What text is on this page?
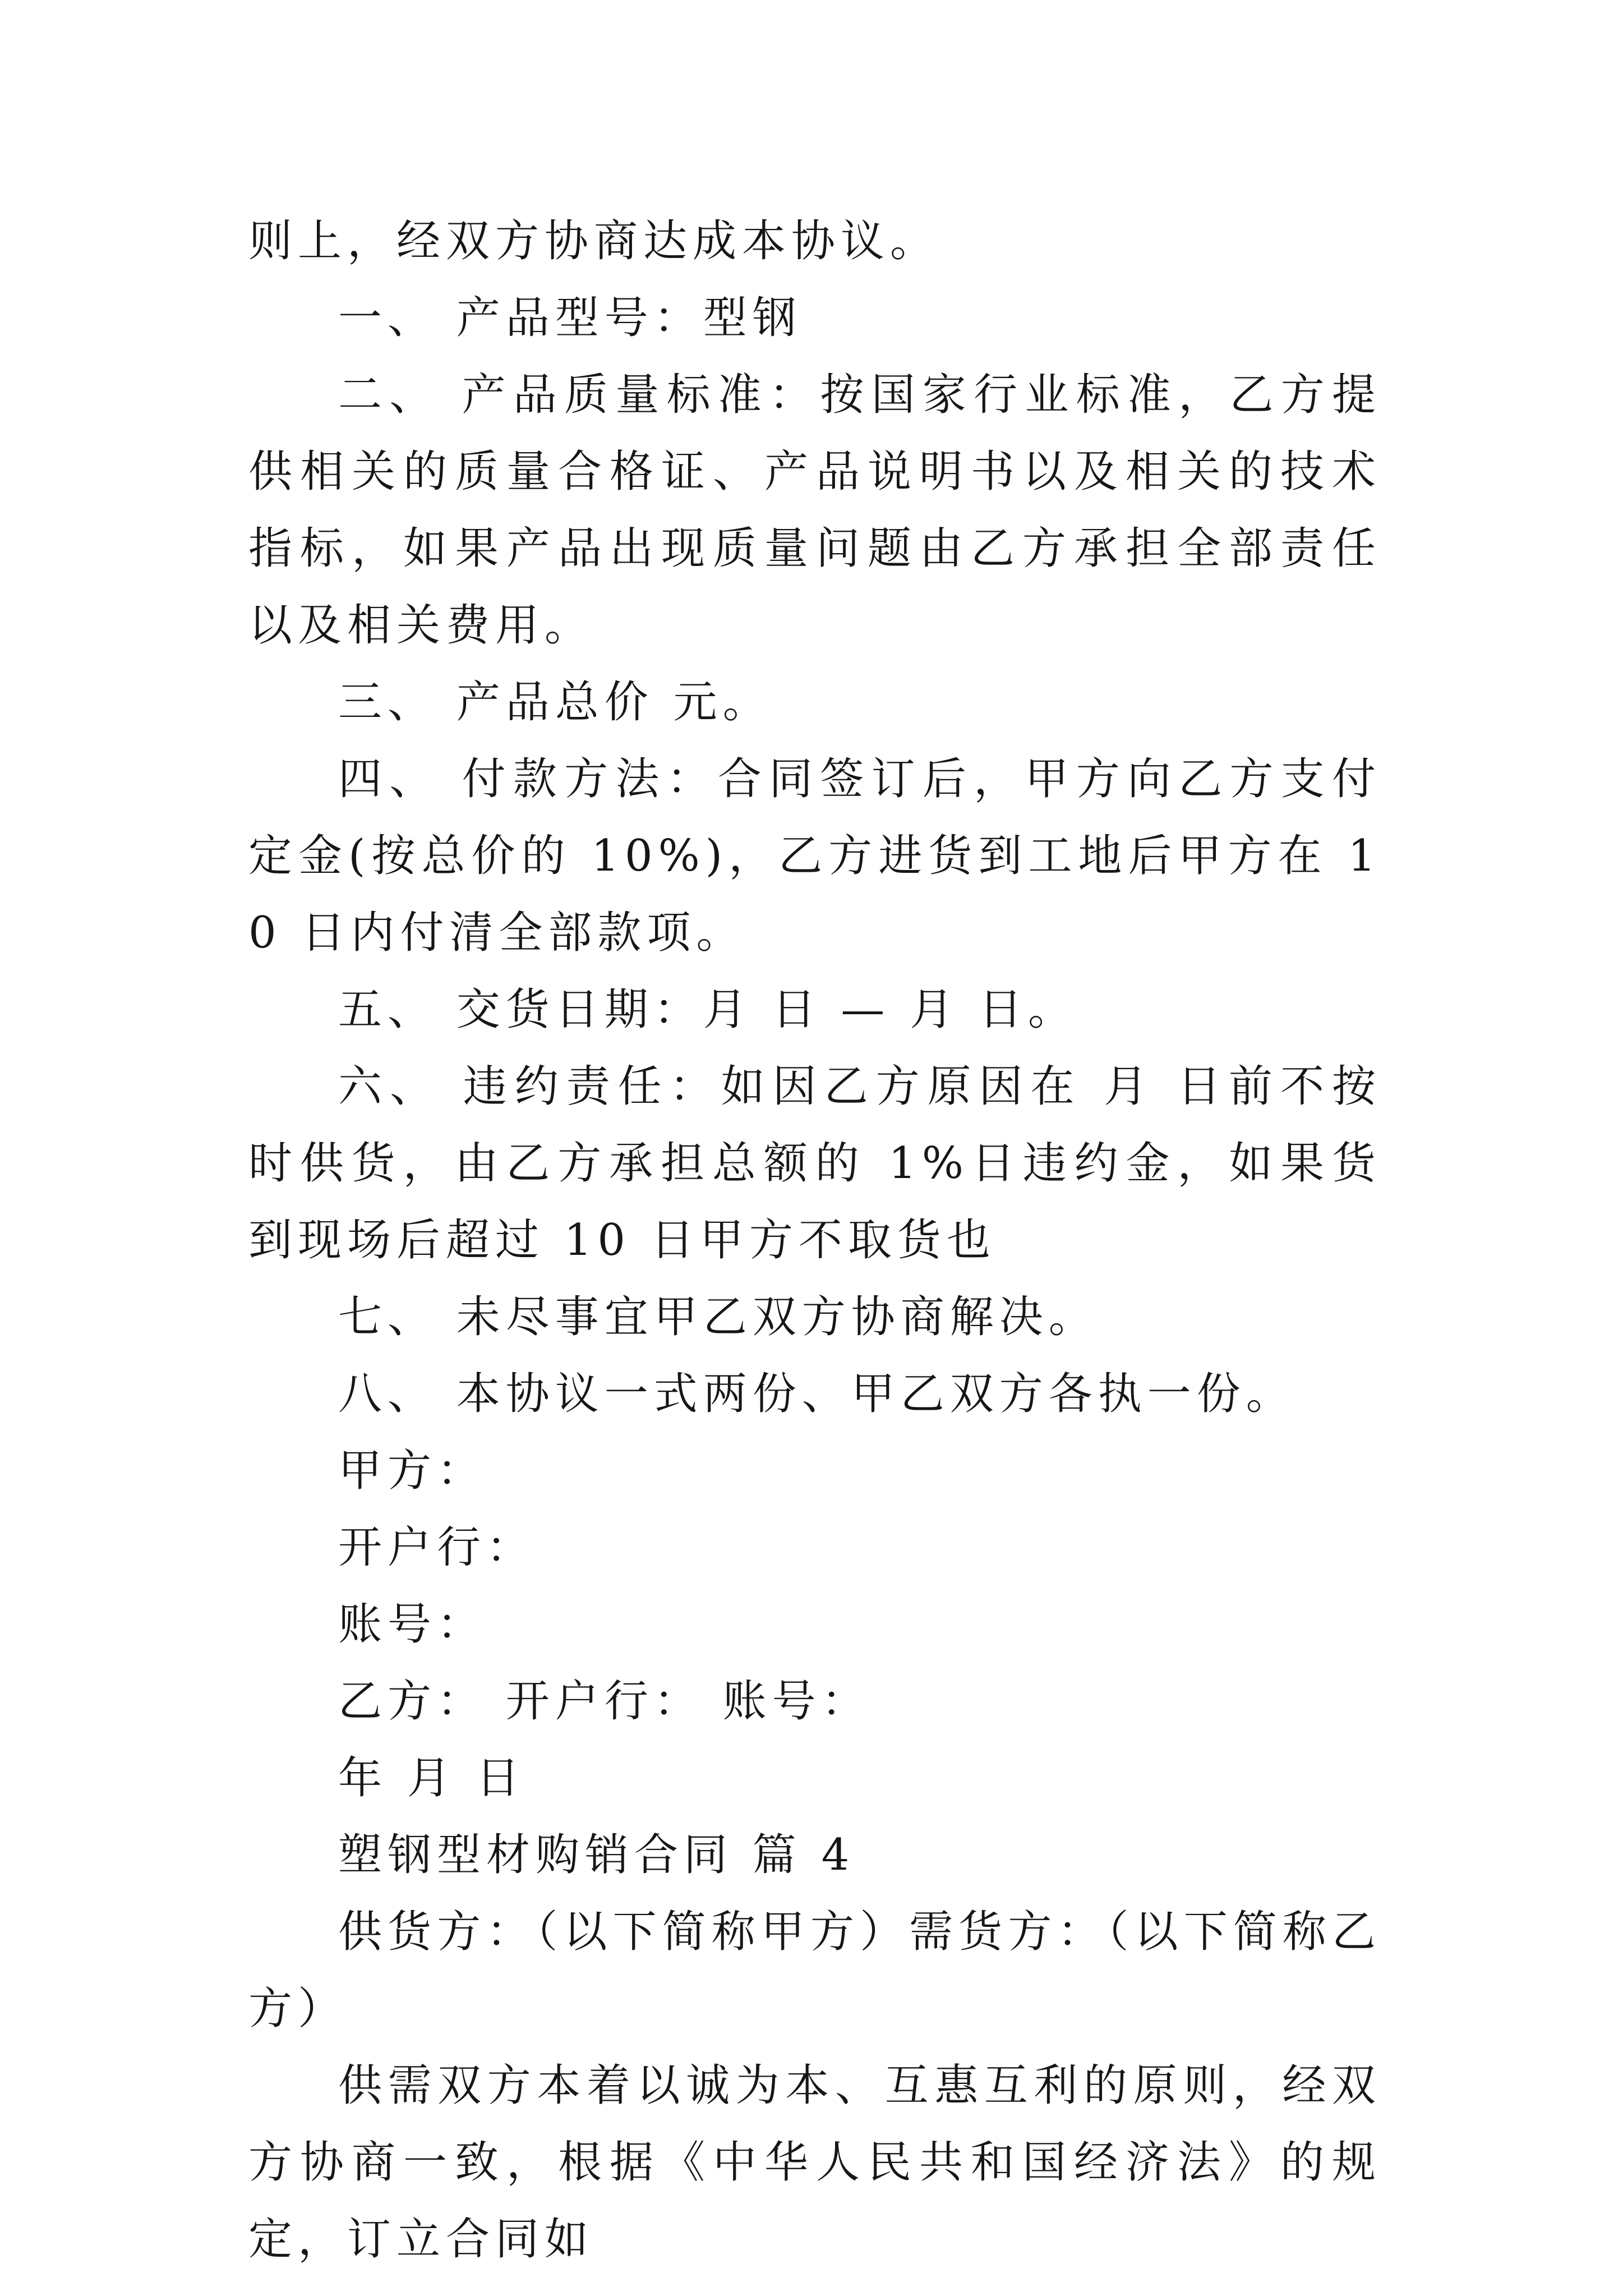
则上，经双方协商达成本协议。

一、 产品型号：型钢

二、 产品质量标准：按国家行业标准，乙方提供相关的质量合格证、产品说明书以及相关的技术指标，如果产品出现质量问题由乙方承担全部责任以及相关费用。

三、 产品总价 元。

四、 付款方法：合同签订后，甲方向乙方支付定金(按总价的 10%)，乙方进货到工地后甲方在 10 日内付清全部款项。

五、 交货日期：月 日 — 月 日。

六、 违约责任：如因乙方原因在 月 日前不按时供货，由乙方承担总额的 1%日违约金，如果货到现场后超过 10 日甲方不取货也

七、 未尽事宜甲乙双方协商解决。

八、 本协议一式两份、甲乙双方各执一份。

甲方：

开户行：

账号：

乙方： 开户行： 账号：

年 月 日

塑钢型材购销合同 篇 4

供货方：（以下简称甲方）需货方：（以下简称乙方）

供需双方本着以诚为本、互惠互利的原则，经双方协商一致，根据《中华人民共和国经济法》的规定，订立合同如
